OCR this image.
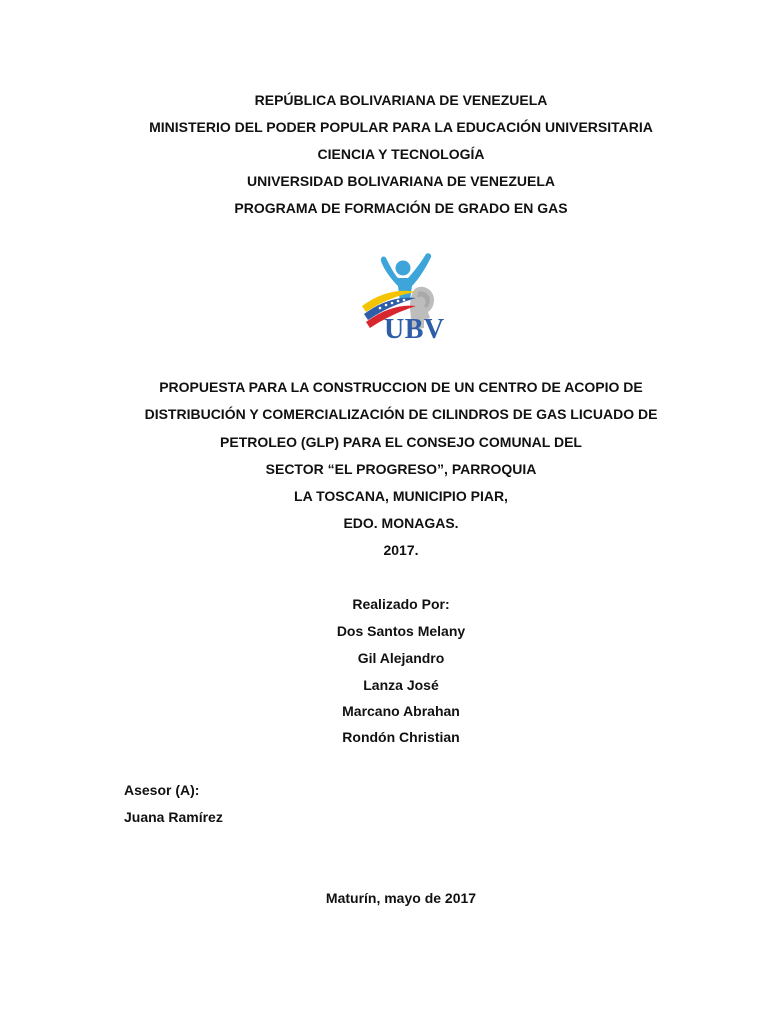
REPÚBLICA BOLIVARIANA DE VENEZUELA
MINISTERIO DEL PODER POPULAR PARA LA EDUCACIÓN UNIVERSITARIA
CIENCIA Y TECNOLOGÍA
UNIVERSIDAD BOLIVARIANA DE VENEZUELA
PROGRAMA DE FORMACIÓN DE GRADO EN GAS
UBV
PROPUESTA PARA LA CONSTRUCCION DE UN CENTRO DE ACOPIO DE
DISTRIBUCIÓN Y COMERCIALIZACIÓN DE CILINDROS DE GAS LICUADO DE
PETROLEO (GLP) PARA EL CONSEJO COMUNAL DEL
SECTOR “EL PROGRESO”, PARROQUIA
LA TOSCANA, MUNICIPIO PIAR,
EDO. MONAGAS.
2017.
Realizado Por:
Dos Santos Melany
Gil Alejandro
Lanza José
Marcano Abrahan
Rondón Christian
Asesor (A):
Juana Ramírez
Maturín, mayo de 2017
